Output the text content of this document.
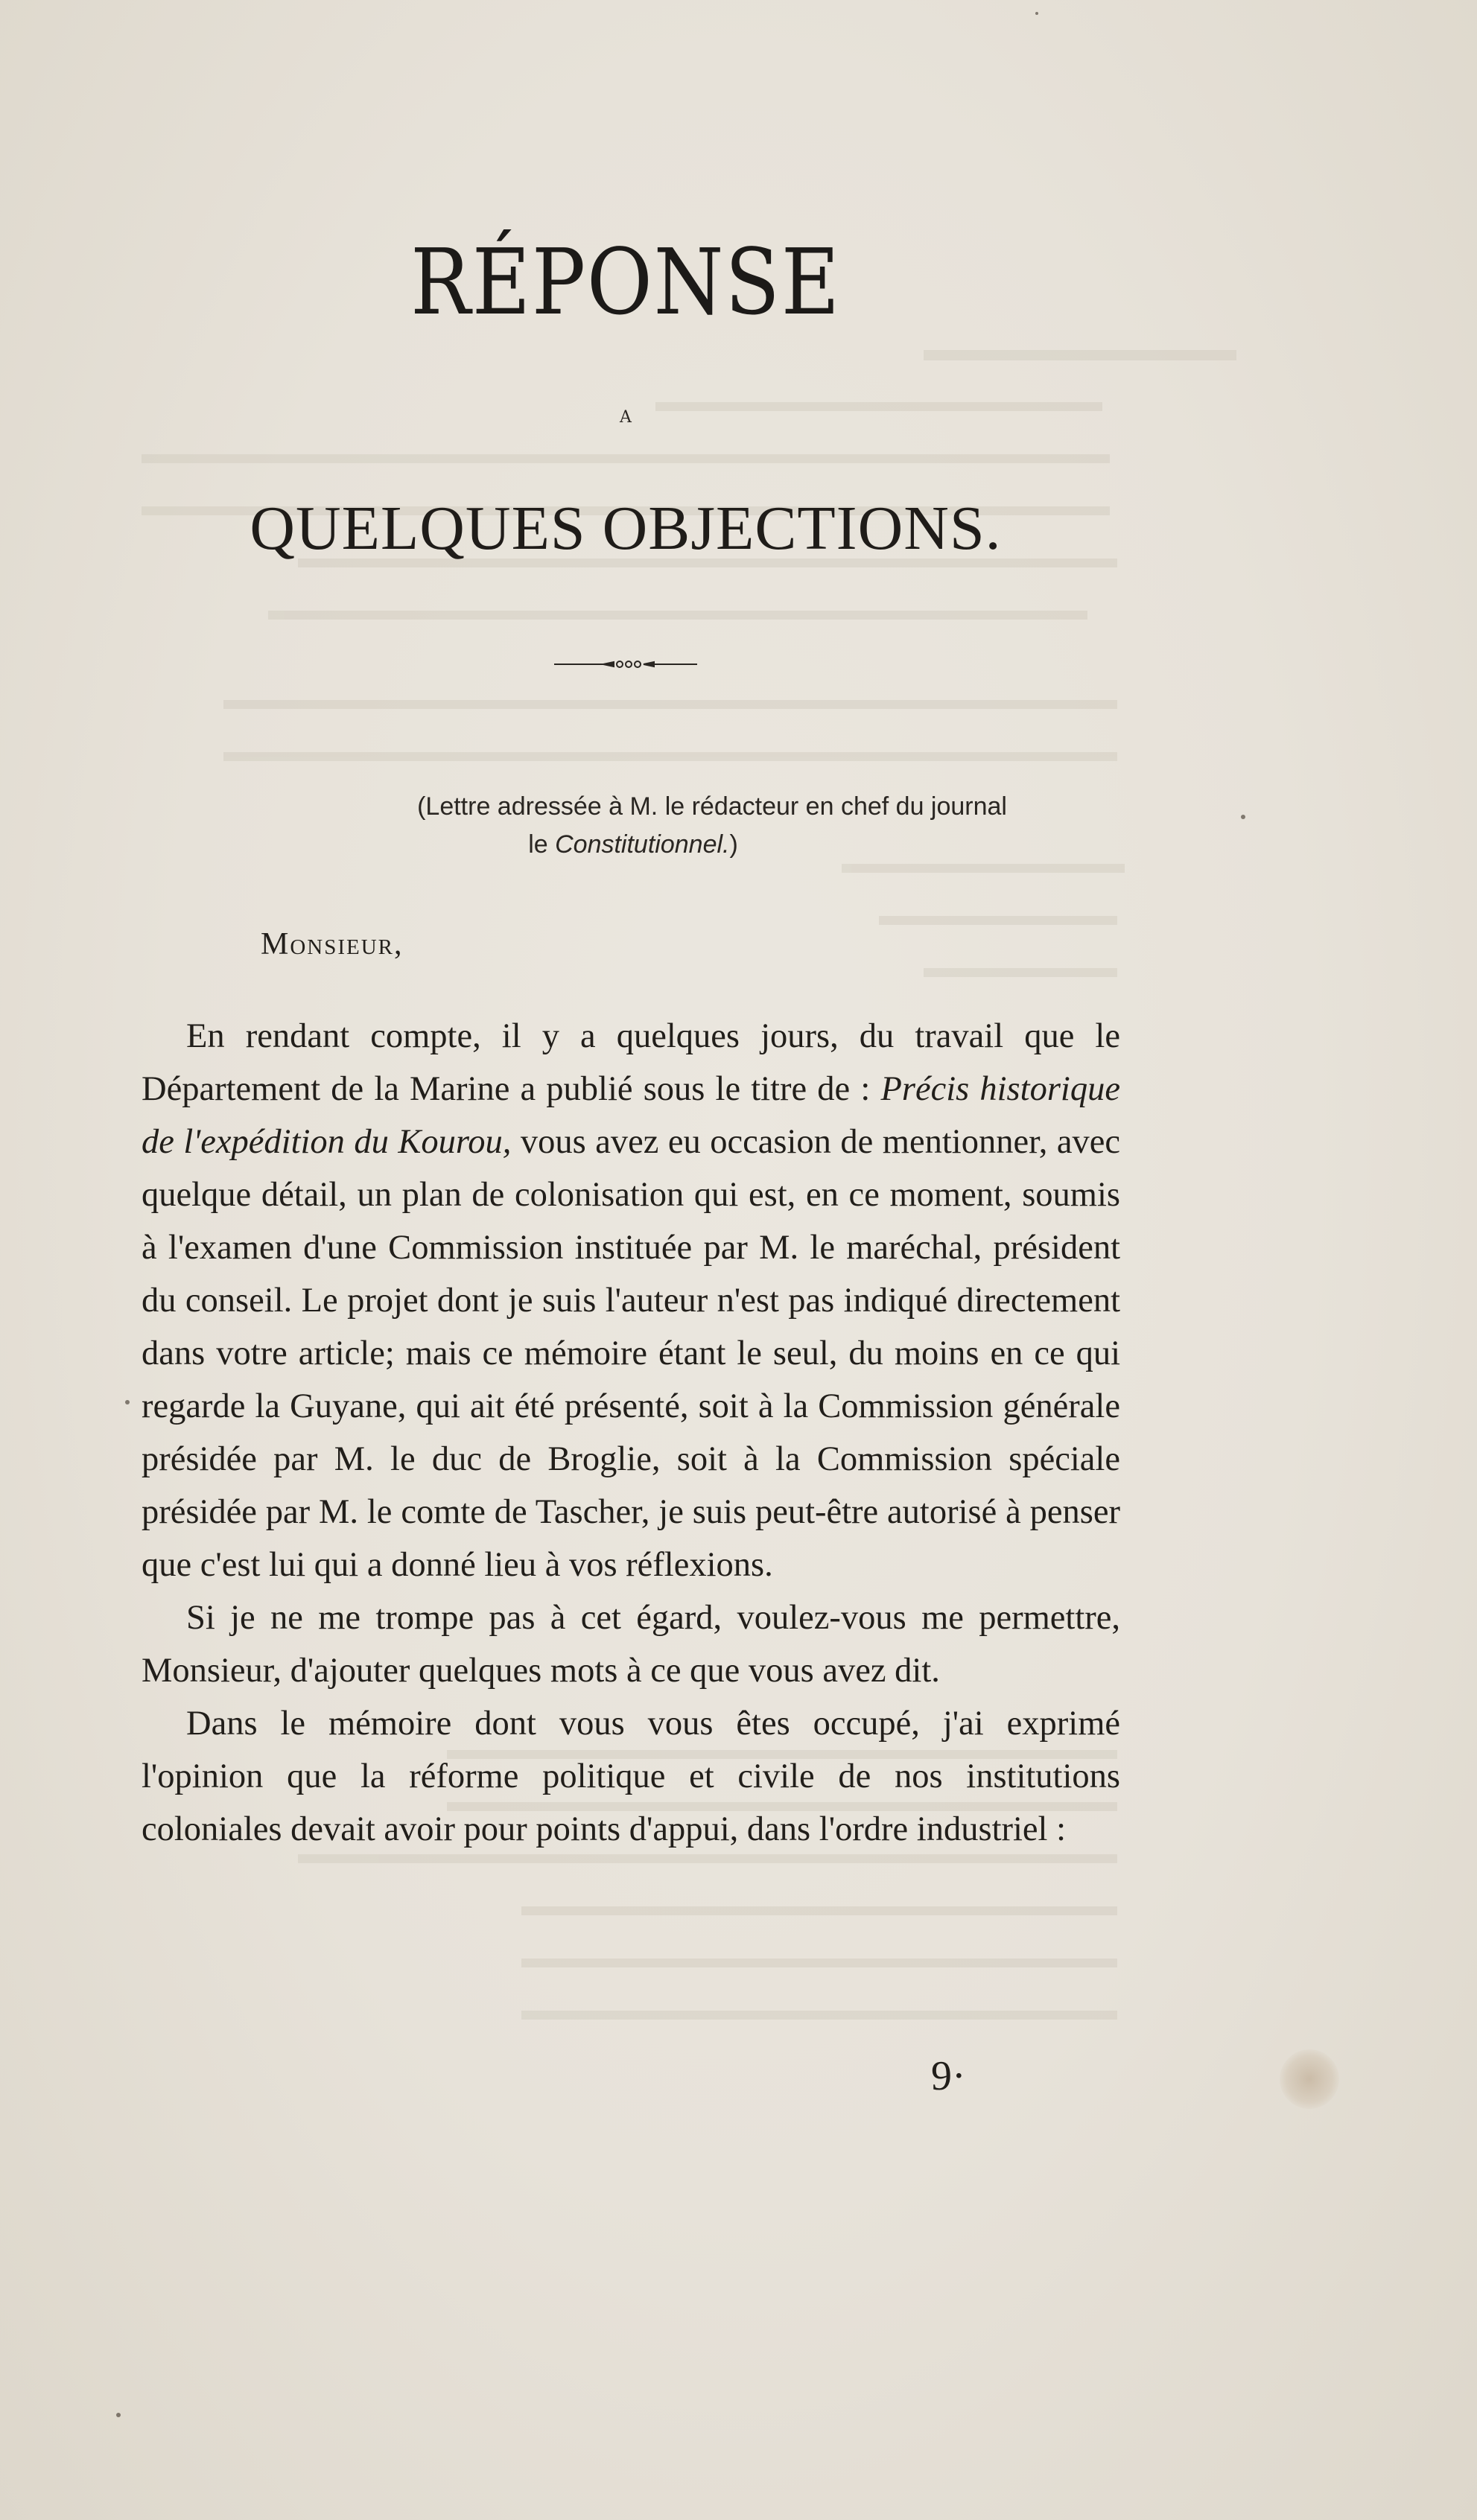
RÉPONSE
A
QUELQUES OBJECTIONS.
(Lettre adressée à M. le rédacteur en chef du journal
le Constitutionnel.)
Monsieur,

En rendant compte, il y a quelques jours, du travail que le Département de la Marine a publié sous le titre de : Précis historique de l'expédition du Kourou, vous avez eu occasion de mentionner, avec quelque détail, un plan de colonisation qui est, en ce moment, soumis à l'examen d'une Commission instituée par M. le maréchal, président du conseil. Le projet dont je suis l'auteur n'est pas indiqué directement dans votre article; mais ce mémoire étant le seul, du moins en ce qui regarde la Guyane, qui ait été présenté, soit à la Commission générale présidée par M. le duc de Broglie, soit à la Commission spéciale présidée par M. le comte de Tascher, je suis peut-être autorisé à penser que c'est lui qui a donné lieu à vos réflexions.

Si je ne me trompe pas à cet égard, voulez-vous me permettre, Monsieur, d'ajouter quelques mots à ce que vous avez dit.

Dans le mémoire dont vous vous êtes occupé, j'ai exprimé l'opinion que la réforme politique et civile de nos institutions coloniales devait avoir pour points d'appui, dans l'ordre industriel :

9·
